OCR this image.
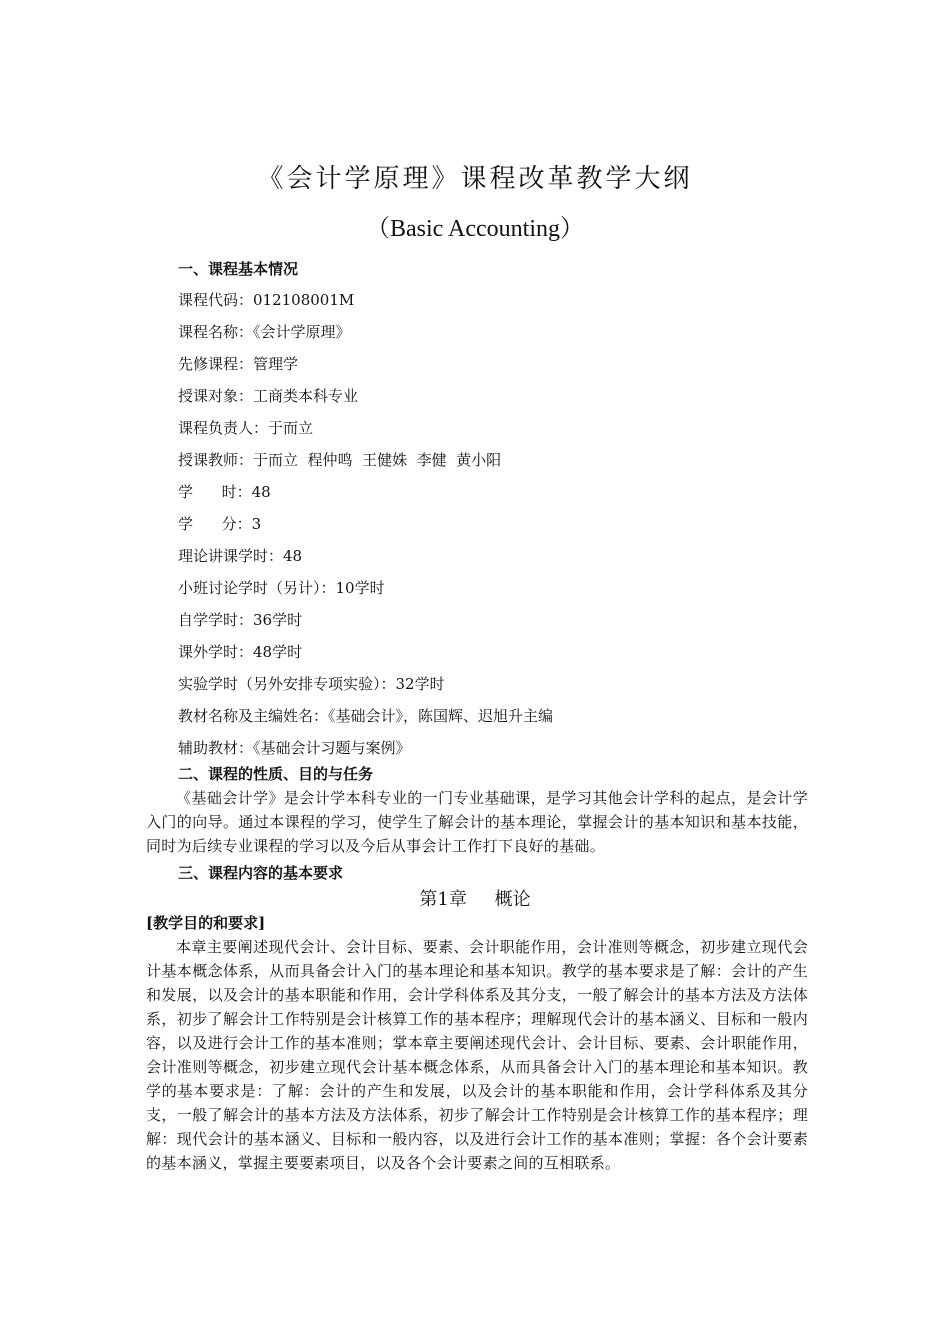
《会计学原理》课程改革教学大纲
（Basic Accounting）
一、课程基本情况
课程代码：012108001M
课程名称：《会计学原理》
先修课程：管理学
授课对象：工商类本科专业
课程负责人：于而立
授课教师：于而立  程仲鸣  王健姝  李健  黄小阳
学      时：48
学      分：3
理论讲课学时：48
小班讨论学时（另计）：10学时
自学学时：36学时
课外学时：48学时
实验学时（另外安排专项实验）：32学时
教材名称及主编姓名：《基础会计》，陈国辉、迟旭升主编
辅助教材：《基础会计习题与案例》
二、课程的性质、目的与任务
《基础会计学》是会计学本科专业的一门专业基础课，是学习其他会计学科的起点，是会计学入门的向导。通过本课程的学习，使学生了解会计的基本理论，掌握会计的基本知识和基本技能，同时为后续专业课程的学习以及今后从事会计工作打下良好的基础。
三、课程内容的基本要求
第1章 概论
[教学目的和要求]
本章主要阐述现代会计、会计目标、要素、会计职能作用，会计准则等概念，初步建立现代会计基本概念体系，从而具备会计入门的基本理论和基本知识。教学的基本要求是了解：会计的产生和发展，以及会计的基本职能和作用，会计学科体系及其分支，一般了解会计的基本方法及方法体系，初步了解会计工作特别是会计核算工作的基本程序；理解现代会计的基本涵义、目标和一般内容，以及进行会计工作的基本准则；掌本章主要阐述现代会计、会计目标、要素、会计职能作用，会计准则等概念，初步建立现代会计基本概念体系，从而具备会计入门的基本理论和基本知识。教学的基本要求是：了解：会计的产生和发展，以及会计的基本职能和作用，会计学科体系及其分支，一般了解会计的基本方法及方法体系，初步了解会计工作特别是会计核算工作的基本程序；理解：现代会计的基本涵义、目标和一般内容，以及进行会计工作的基本准则；掌握：各个会计要素的基本涵义，掌握主要要素项目，以及各个会计要素之间的互相联系。
